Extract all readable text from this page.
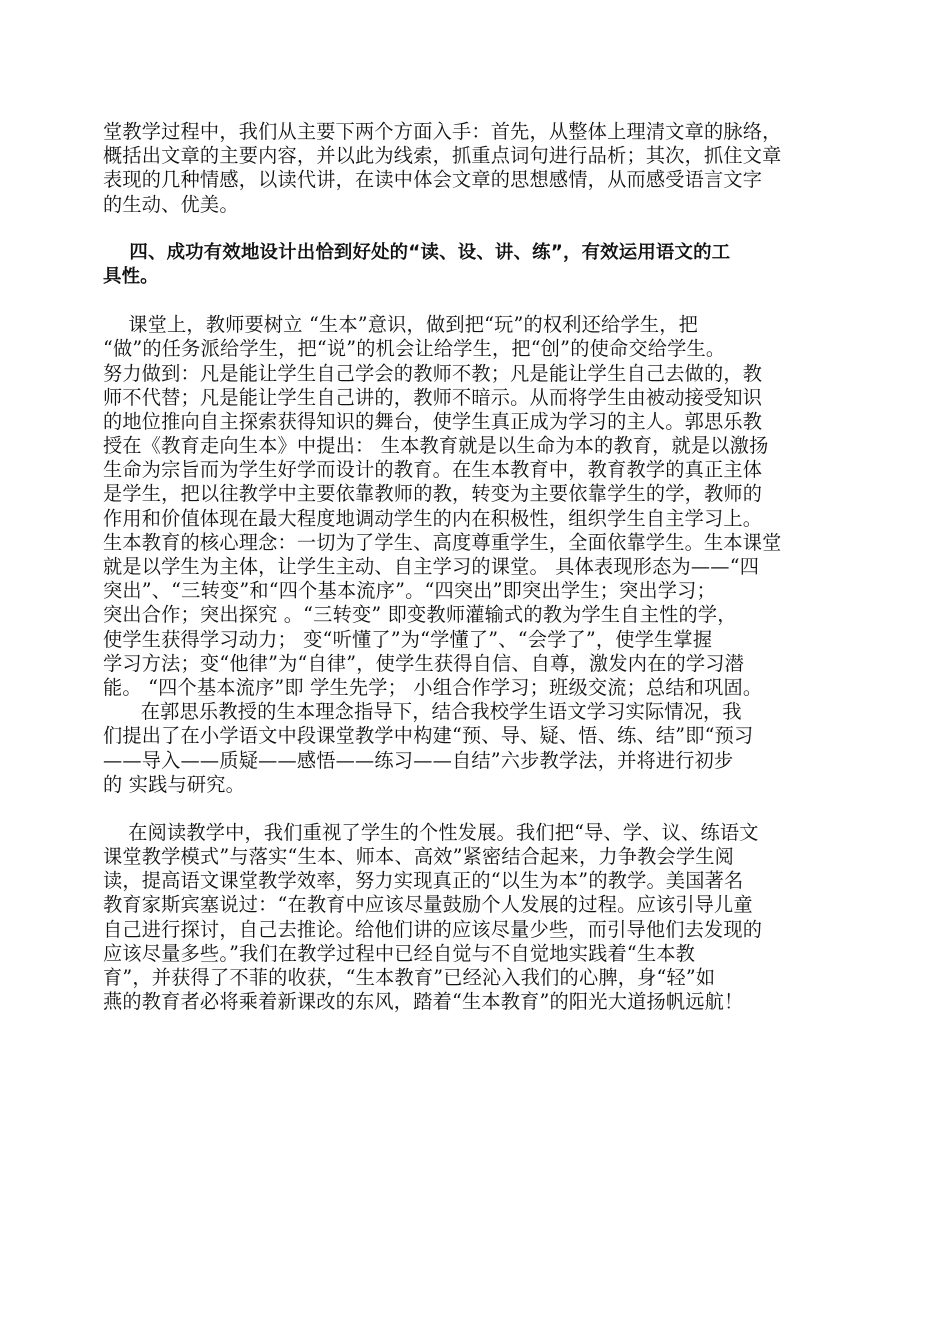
堂教学过程中，我们从主要下两个方面入手：首先，从整体上理清文章的脉络，
概括出文章的主要内容，并以此为线索，抓重点词句进行品析；其次，抓住文章
表现的几种情感，以读代讲，在读中体会文章的思想感情，从而感受语言文字
的生动、优美。
四、成功有效地设计出恰到好处的“读、设、讲、练”，有效运用语文的工
具性。
课堂上，教师要树立 “生本”意识，做到把“玩”的权利还给学生，把
“做”的任务派给学生，把“说”的机会让给学生，把“创”的使命交给学生。
努力做到：凡是能让学生自己学会的教师不教；凡是能让学生自己去做的，教
师不代替；凡是能让学生自己讲的，教师不暗示。从而将学生由被动接受知识
的地位推向自主探索获得知识的舞台，使学生真正成为学习的主人。郭思乐教
授在《教育走向生本》中提出： 生本教育就是以生命为本的教育，就是以激扬
生命为宗旨而为学生好学而设计的教育。在生本教育中，教育教学的真正主体
是学生，把以往教学中主要依靠教师的教，转变为主要依靠学生的学，教师的
作用和价值体现在最大程度地调动学生的内在积极性，组织学生自主学习上。
生本教育的核心理念：一切为了学生、高度尊重学生，全面依靠学生。生本课堂
就是以学生为主体，让学生主动、自主学习的课堂。 具体表现形态为——“四
突出”、“三转变”和“四个基本流序”。“四突出”即突出学生；突出学习；
突出合作；突出探究 。“三转变” 即变教师灌输式的教为学生自主性的学，
使学生获得学习动力； 变“听懂了”为“学懂了”、“会学了”，使学生掌握
学习方法；变“他律”为“自律”，使学生获得自信、自尊，激发内在的学习潜
能。 “四个基本流序”即 学生先学； 小组合作学习；班级交流；总结和巩固。
在郭思乐教授的生本理念指导下，结合我校学生语文学习实际情况，我
们提出了在小学语文中段课堂教学中构建“预、导、疑、悟、练、结”即“预习
——导入——质疑——感悟——练习——自结”六步教学法，并将进行初步
的 实践与研究。
在阅读教学中，我们重视了学生的个性发展。我们把“导、学、议、练语文
课堂教学模式”与落实“生本、师本、高效”紧密结合起来，力争教会学生阅
读，提高语文课堂教学效率，努力实现真正的“以生为本”的教学。美国著名
教育家斯宾塞说过：“在教育中应该尽量鼓励个人发展的过程。应该引导儿童
自己进行探讨，自己去推论。给他们讲的应该尽量少些，而引导他们去发现的
应该尽量多些。”我们在教学过程中已经自觉与不自觉地实践着“生本教
育”，并获得了不菲的收获，“生本教育”已经沁入我们的心脾，身“轻”如
燕的教育者必将乘着新课改的东风，踏着“生本教育”的阳光大道扬帆远航！
